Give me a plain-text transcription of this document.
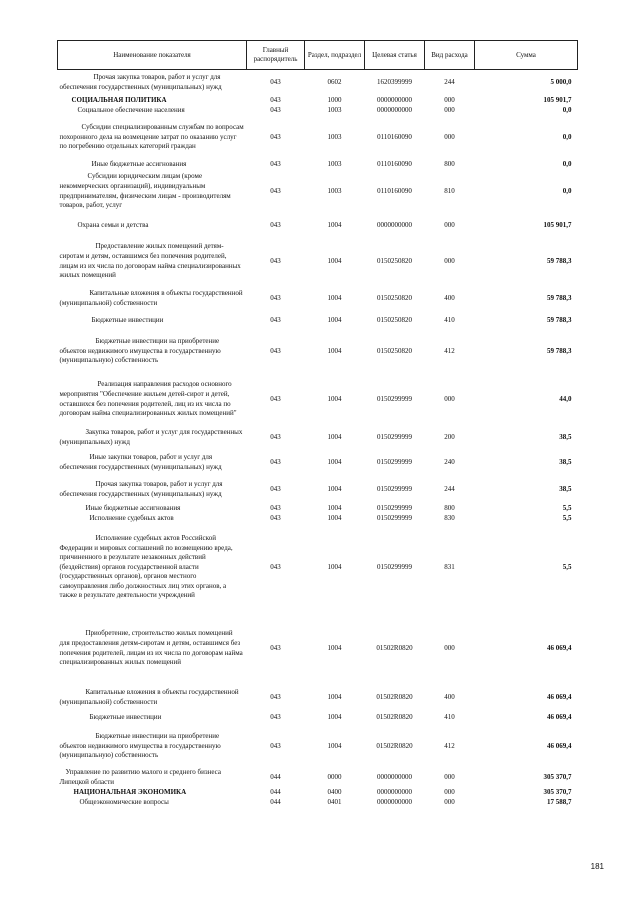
Наименование показателя	Главный распорядитель	Раздел, подраздел	Целевая статья	Вид расхода	Сумма
Прочая закупка товаров, работ и услуг для обеспечения государственных (муниципальных) нужд	043	0602	1620399999	244	5 000,0
СОЦИАЛЬНАЯ ПОЛИТИКА	043	1000	0000000000	000	105 901,7
Социальное обеспечение населения	043	1003	0000000000	000	0,0
Субсидии специализированным службам по вопросам похоронного дела на возмещение затрат по оказанию услуг по погребению отдельных категорий граждан	043	1003	0110160090	000	0,0
Иные бюджетные ассигнования	043	1003	0110160090	800	0,0
Субсидии юридическим лицам (кроме некоммерческих организаций), индивидуальным предпринимателям, физическим лицам - производителям товаров, работ, услуг	043	1003	0110160090	810	0,0
Охрана семьи и детства	043	1004	0000000000	000	105 901,7
Предоставление жилых помещений детям-сиротам и детям, оставшимся без попечения родителей, лицам из их числа по договорам найма специализированных жилых помещений	043	1004	0150250820	000	59 788,3
Капитальные вложения в объекты государственной (муниципальной) собственности	043	1004	0150250820	400	59 788,3
Бюджетные инвестиции	043	1004	0150250820	410	59 788,3
Бюджетные инвестиции на приобретение объектов недвижимого имущества в государственную (муниципальную) собственность	043	1004	0150250820	412	59 788,3
Реализация направления расходов основного мероприятия "Обеспечение жильем детей-сирот и детей, оставшихся без попечения родителей, лиц из их числа по договорам найма специализированных жилых помещений"	043	1004	0150299999	000	44,0
Закупка товаров, работ и услуг для государственных (муниципальных) нужд	043	1004	0150299999	200	38,5
Иные закупки товаров, работ и услуг для обеспечения государственных (муниципальных) нужд	043	1004	0150299999	240	38,5
Прочая закупка товаров, работ и услуг для обеспечения государственных (муниципальных) нужд	043	1004	0150299999	244	38,5
Иные бюджетные ассигнования	043	1004	0150299999	800	5,5
Исполнение судебных актов	043	1004	0150299999	830	5,5
Исполнение судебных актов Российской Федерации и мировых соглашений по возмещению вреда, причиненного в результате незаконных действий (бездействия) органов государственной власти (государственных органов), органов местного самоуправления либо должностных лиц этих органов, а также в результате деятельности учреждений	043	1004	0150299999	831	5,5
Приобретение, строительство жилых помещений для предоставления детям-сиротам и детям, оставшимся без попечения родителей, лицам из их числа по договорам найма специализированных жилых помещений	043	1004	01502R0820	000	46 069,4
Капитальные вложения в объекты государственной (муниципальной) собственности	043	1004	01502R0820	400	46 069,4
Бюджетные инвестиции	043	1004	01502R0820	410	46 069,4
Бюджетные инвестиции на приобретение объектов недвижимого имущества в государственную (муниципальную) собственность	043	1004	01502R0820	412	46 069,4
Управление по развитию малого и среднего бизнеса Липецкой области	044	0000	0000000000	000	305 370,7
НАЦИОНАЛЬНАЯ ЭКОНОМИКА	044	0400	0000000000	000	305 370,7
Общеэкономические вопросы	044	0401	0000000000	000	17 588,7
181
